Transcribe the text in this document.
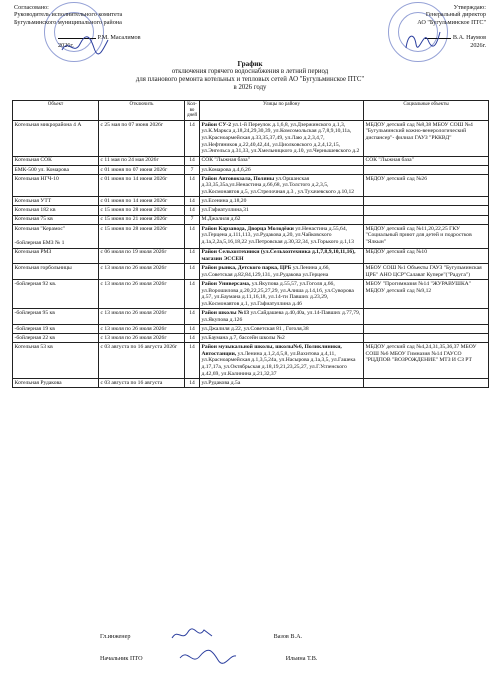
Согласовано:
Руководитель исполнительного комитета
Бугульминского муниципального района
Р.М. Масалимов
2026г.
Утверждаю:
Генеральный директор
АО "Бугульминское ПТС"
В.А. Наумов
2026г.
График
отключения горячего водоснабжения в летний период
для планового ремонта котельных и тепловых сетей АО "Бугульминское ПТС"
в 2026 году
Объект	Отключить	Кол-во дней	Улицы по району	Социальные объекты

Котельная микрорайона 4 А	с 25 мая по 07 июня 2026г	14	Район СУ-2 ул.1-й Переулок д.1,6,8, ул.Дзержинского д.1,3, ул.К.Маркса д.18,24,29,30,39, ул.Комсомольская д.7,8,9,10,11а, ул.Красноармейская д.33,35,37,49, ул.Лаю д.2,3,4,7, ул.Нефтяников д.22,40,42,44, ул.Циолковского д.2,4,12,15, ул.Энгельса д.31,33, ул.Хмельницкого д.10, ул.Чернышевского д.2	МБДОУ детский сад №8,38 МБОУ СОШ №4 "Бугульминский кожно-венерологический диспансер"- филиал ГАУЗ "РККВД"

Котельная СОК	с 11 мая по 24 мая 2026г	14	СОК "Лыжная база"	СОК "Лыжная база"

БМК-500 ул. Комарова	с 01 июня по 07 июня 2026г	7	ул.Комарова д.4,6,26	

Котельная НГЧ-10	с 01 июня по 14 июня 2026г	14	Район Автовокзала, Поляны ул.Оршанская д.33,35,35а,ул.Ненастина д.66,68, ул.Толстого д.2,3,5, ул.Космонавтов д.5, ул.Стрелочная д.3 , ул.Тухачевского д.10,12	МБДОУ детский сад №26

Котельная УТТ	с 01 июня по 14 июня 2026г	14	ул.Есенина д.18,20	

Котельная 182 кв	с 15 июня по 28 июня 2026г	14	ул.Гафиатуллина,31	

Котельная 75 кв	с 15 июня по 21 июня 2026г	7	М.Джалиля д.62	

Котельная "Керамос"
-бойлерная БМЗ № 1	с 15 июня по 28 июня 2026г	14	Район Карзавода, Дворца Молодёжи ул.Ненастина д.55,64, ул.Герцена д.111,113, ул.Рудакова д.20, ул.Чайковского д.1а,2,2а,5,16,18,22 ул.Петровская д.30,32,34, ул.Горького д.1,13	МБДОУ детский сад №11,20,22,25 ГКУ "Социальный приют для детей и подростков "Ялкын"

Котельная РМЗ	с 06 июля по 19 июля 2026г	14	Район Сельхозтехники (ул.Сельхозтехника д.1,7,8,9,10,11,16), магазин ЭССЕН	МБДОУ детский сад №10

Котельная горбольницы	с 13 июля по 26 июля 2026г	14	Район рынка, Детского парка, ЦРБ ул.Ленина д.66, ул.Советская д.82,84,129,131, ул.Рудакова ул.Герцена	МБОУ СОШ №1 Объекты ГАУЗ "Бугульминская ЦРБ" АНО ЦСР"Салават Купере"("Радуга")

-бойлерная 92 кв.	с 13 июля по 26 июля 2026г	14	Район Универсама, ул.Якупова д.55,57, ул.Гоголя д.66, ул.Ворошилова д.20,22,25,27,29, ул.Алиша д.14,16, ул.Суворова д.57, ул.Баумана д.11,16,18, ул.14-ти Павших д.23,29, ул.Космонавтов д.1, ул.Гафиатуллина д.46	МБОУ "Прогимназия №14 "ЖУРАВУШКА" МБДОУ детский сад №9,12

-бойлерная 95 кв	с 13 июля по 26 июля 2026г	14	Район школы №13 ул.Сайдашева д.40,40а, ул.14-Павших д.77,79, ул.Якупова д.126	

-бойлерная 19 кв	с 13 июля по 26 июля 2026г	14	ул.Джалиля д.22, ул.Советская 81 , Гоголя,38	

-бойлерная 22 кв	с 13 июля по 26 июля 2026г	14	ул.Баумана д.7, бассейн школы №2	

Котельная 53 кв	с 03 августа по 16 августа 2026г	14	Район музыкальной школы, школы№6, Поликлиники, Автостанции, ул.Ленина д.1,2,4,5,8, ул.Вахитова д.4,11, ул.Красноармейская д.1,3,5,24а, ул.Насырова д.1а,3,5, ул.Гашека д.17,17а, ул.Октябрьская д.18,19,21,23,25,27, ул.Г.Успенского д.42,69, ул.Калинина д.21,32,37	МБДОУ детский сад №4,24,31,35,36,37 МБОУ СОШ №6 МБОУ Гимназия №14 ГАУСО "РЦДПОВ "ВОЗРОЖДЕНИЕ" МТЗ И СЗ РТ

Котельная Рудакова	с 03 августа по 16 августа	14	ул.Рудакова д.5а	
Гл.инженер	Вазов В.А.
Начальник ПТО	Ильина Т.В.
